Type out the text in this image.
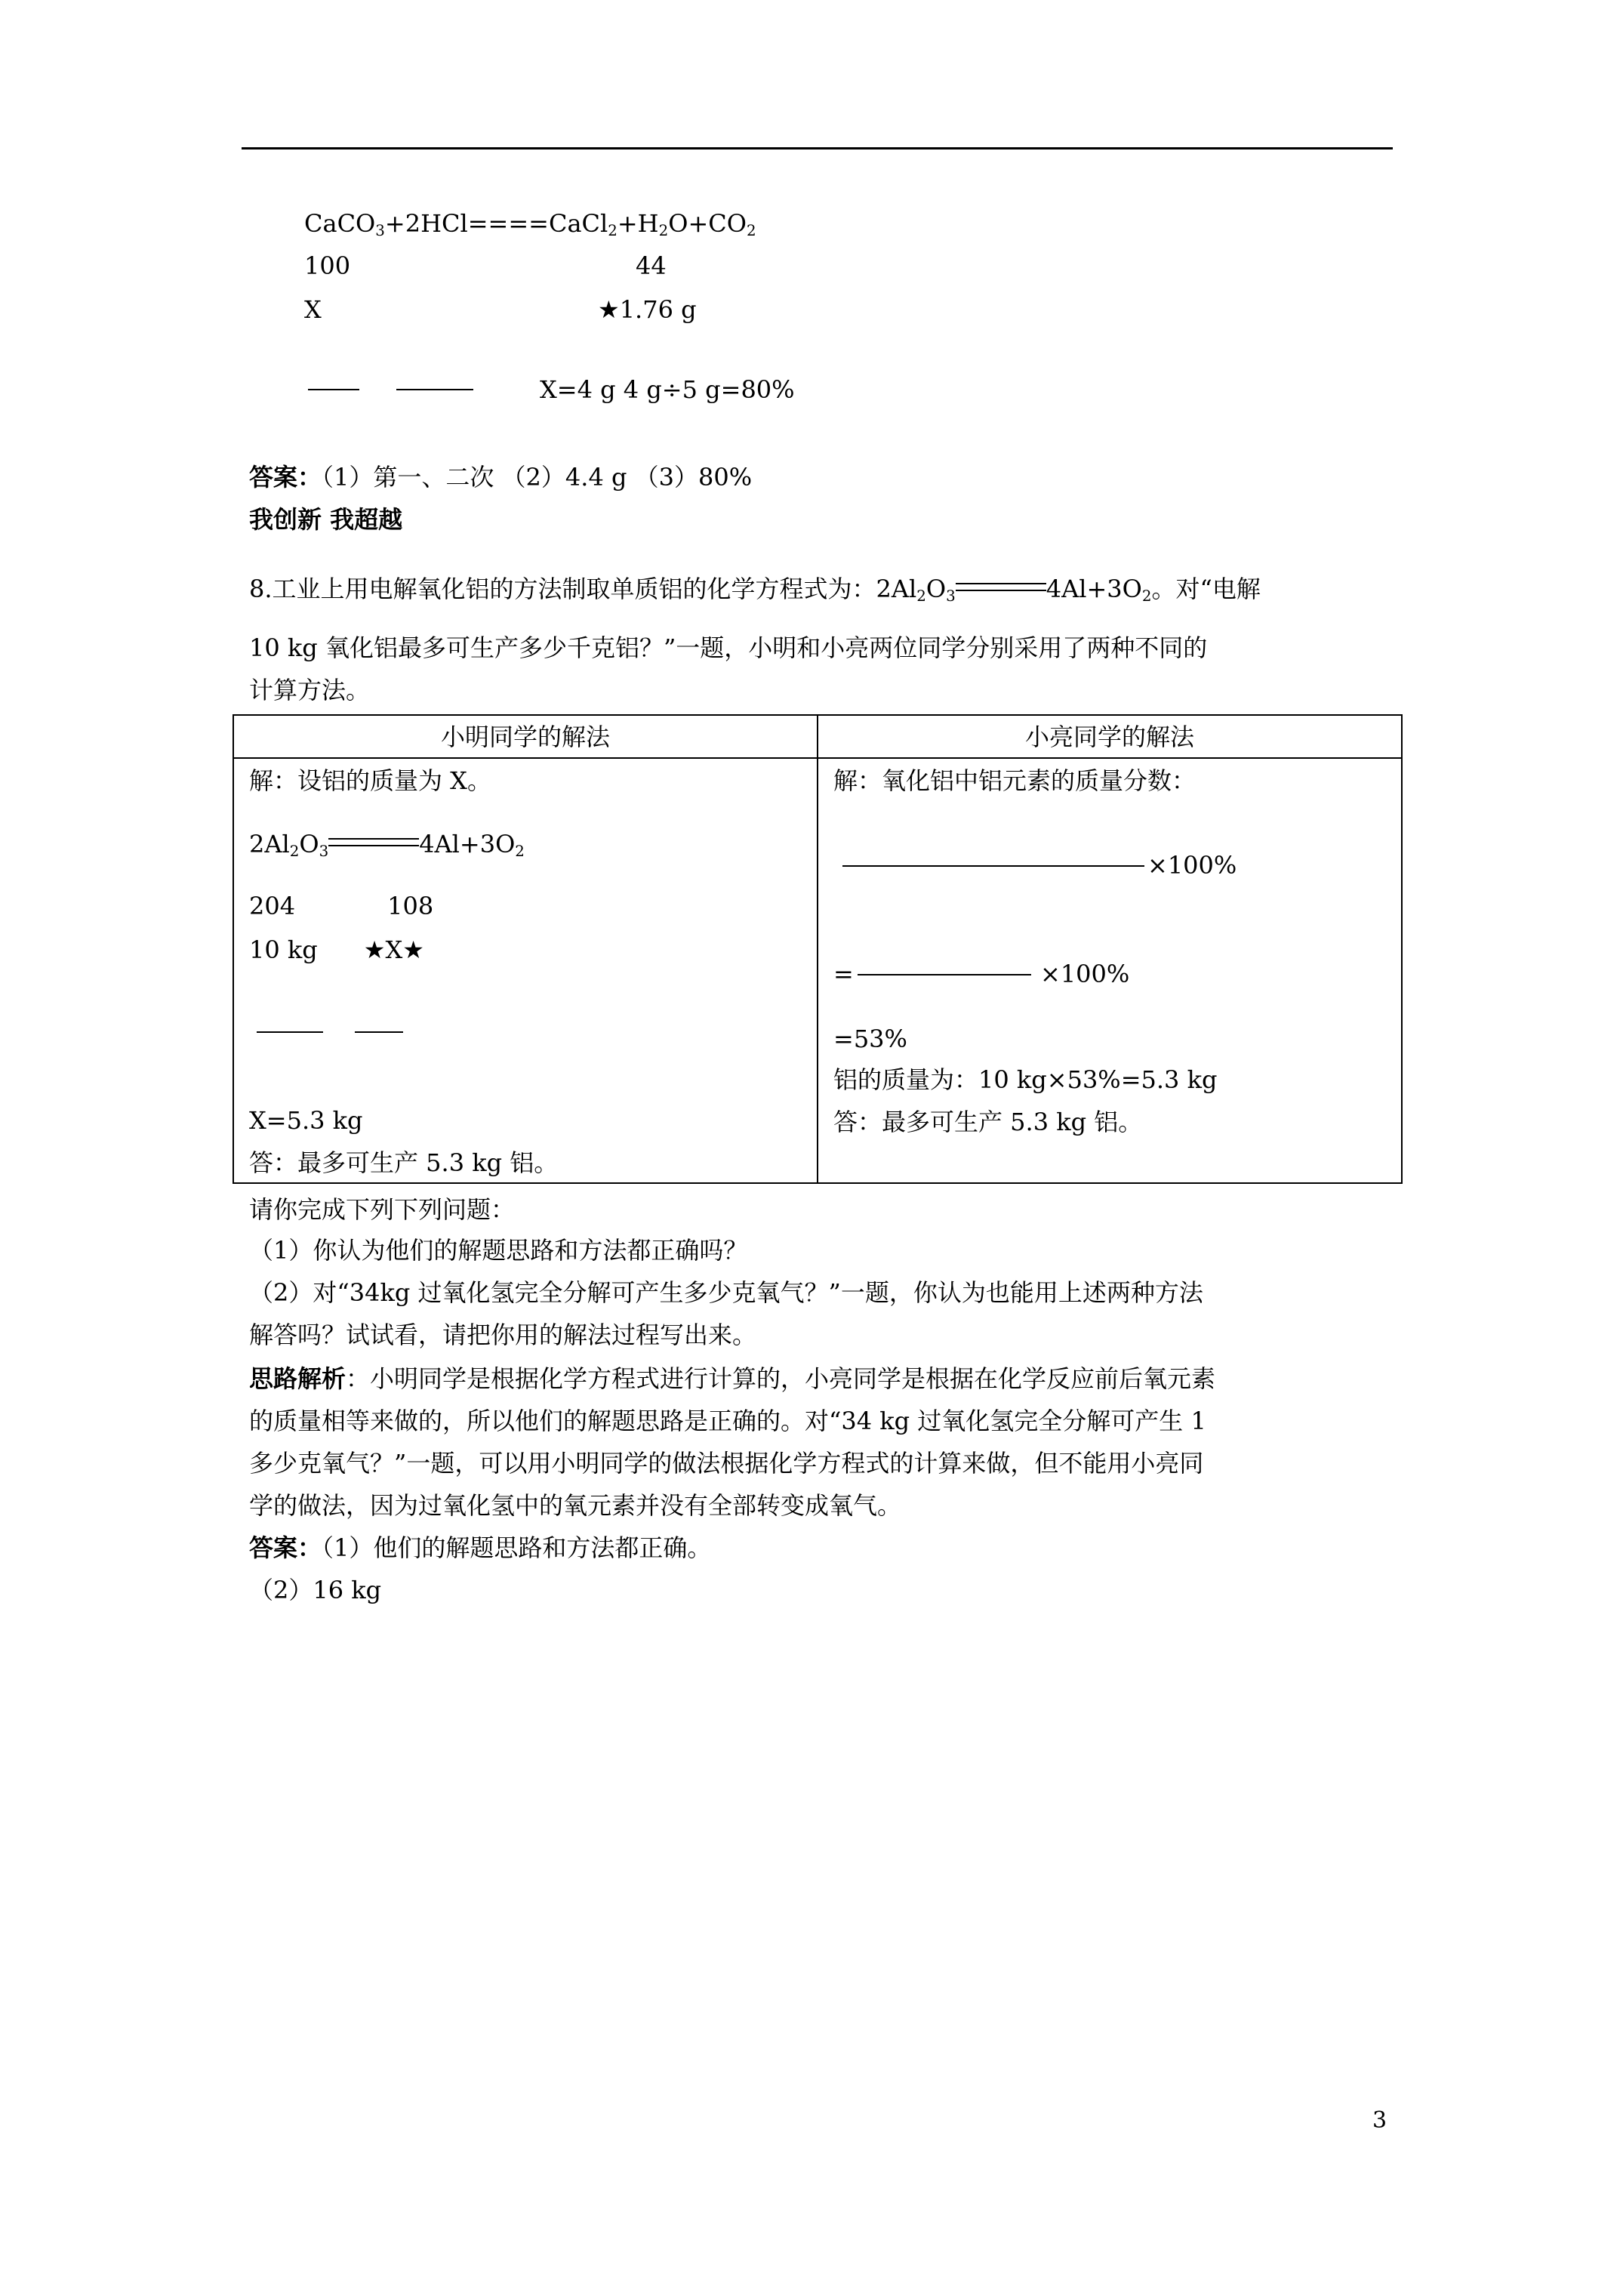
$CaCO_3+2HCl====CaCl_2+H_2O+CO_2$
100	44
X	★1.76 g
X=4 g 4 g÷5 g=80%
答案：（1）第一、二次 （2）4.4 g （3）80%
我创新 我超越
8.工业上用电解氧化铝的方法制取单质铝的化学方程式为：$2Al_2O_3$	$4Al+3O_2$。对“电解
10 kg 氧化铝最多可生产多少千克铝？”一题，小明和小亮两位同学分别采用了两种不同的
计算方法。
小明同学的解法	小亮同学的解法
解：设铝的质量为 X。
$2Al_2O_3$	$4Al+3O_2$
204            108
10 kg      ★X★
X=5.3 kg
答：最多可生产 5.3 kg 铝。
解：氧化铝中铝元素的质量分数：
×100%
=	×100%
=53%
铝的质量为：10 kg×53%=5.3 kg
答：最多可生产 5.3 kg 铝。
请你完成下列下列问题：
（1）你认为他们的解题思路和方法都正确吗？
（2）对“34kg 过氧化氢完全分解可产生多少克氧气？”一题，你认为也能用上述两种方法
解答吗？试试看，请把你用的解法过程写出来。
思路解析：小明同学是根据化学方程式进行计算的，小亮同学是根据在化学反应前后氧元素
的质量相等来做的，所以他们的解题思路是正确的。对“34 kg 过氧化氢完全分解可产生 1
多少克氧气？”一题，可以用小明同学的做法根据化学方程式的计算来做，但不能用小亮同
学的做法，因为过氧化氢中的氧元素并没有全部转变成氧气。
答案：（1）他们的解题思路和方法都正确。
（2）16 kg
3
